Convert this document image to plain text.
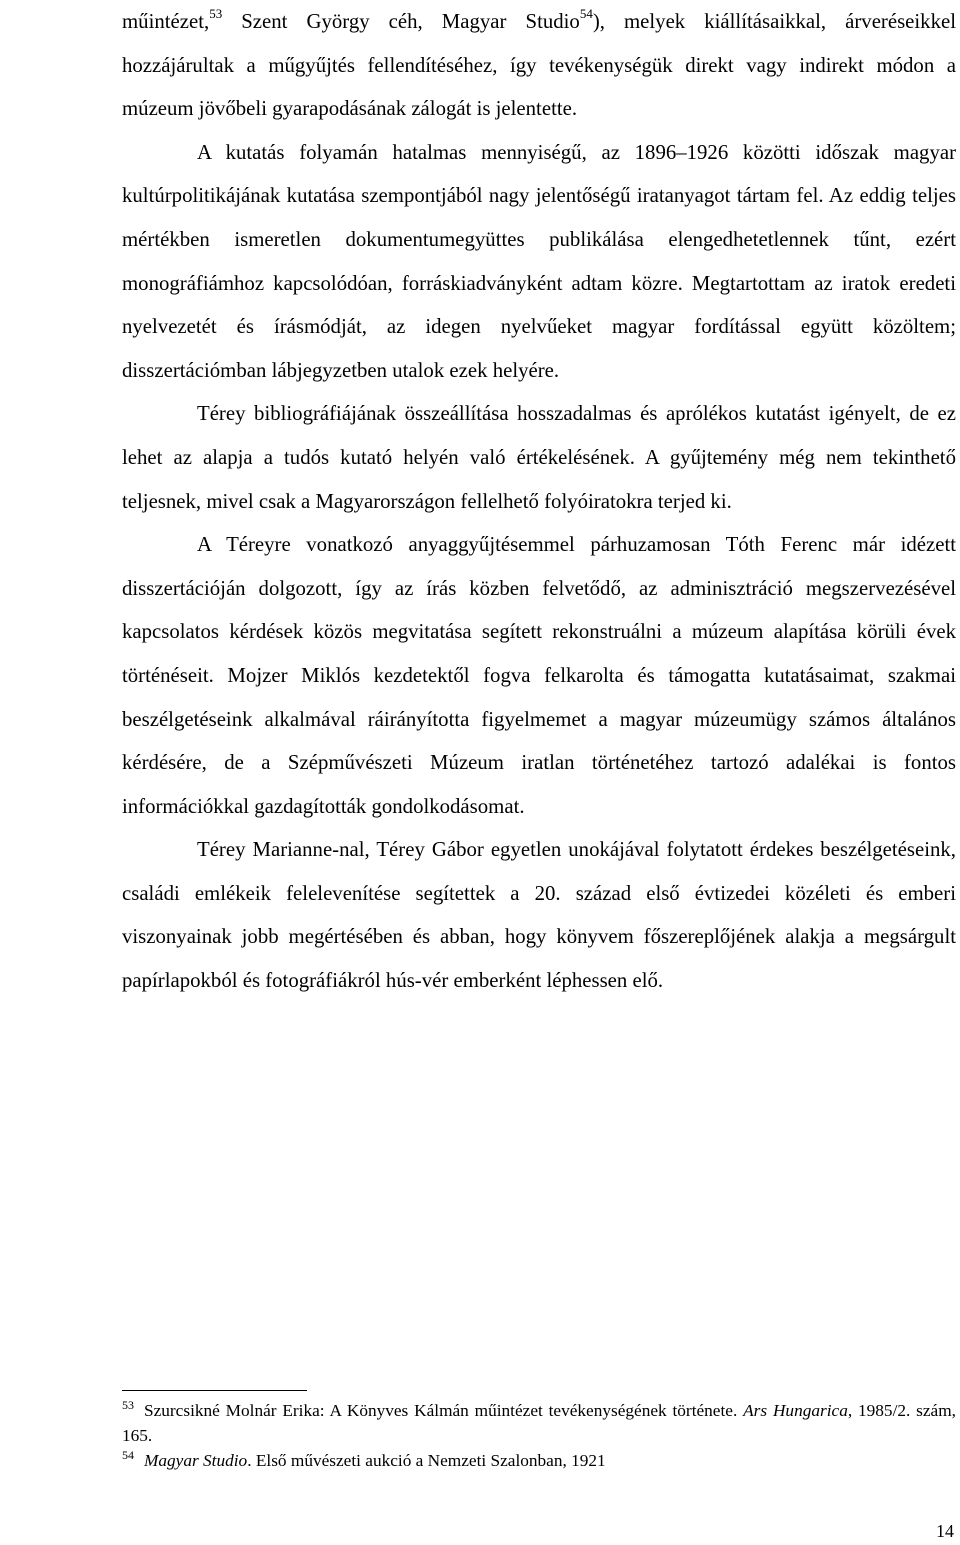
műintézet,$^{53}$ Szent György céh, Magyar Studio$^{54}$), melyek kiállításaikkal, árveréseikkel hozzájárultak a műgyűjtés fellendítéséhez, így tevékenységük direkt vagy indirekt módon a múzeum jövőbeli gyarapodásának zálogát is jelentette.

A kutatás folyamán hatalmas mennyiségű, az 1896–1926 közötti időszak magyar kultúrpolitikájának kutatása szempontjából nagy jelentőségű iratanyagot tártam fel. Az eddig teljes mértékben ismeretlen dokumentumegyüttes publikálása elengedhetetlennek tűnt, ezért monográfiámhoz kapcsolódóan, forráskiadványként adtam közre. Megtartottam az iratok eredeti nyelvezetét és írásmódját, az idegen nyelvűeket magyar fordítással együtt közöltem; disszertációmban lábjegyzetben utalok ezek helyére.

Térey bibliográfiájának összeállítása hosszadalmas és aprólékos kutatást igényelt, de ez lehet az alapja a tudós kutató helyén való értékelésének. A gyűjtemény még nem tekinthető teljesnek, mivel csak a Magyarországon fellelhető folyóiratokra terjed ki.

A Téreyre vonatkozó anyaggyűjtésemmel párhuzamosan Tóth Ferenc már idézett disszertációján dolgozott, így az írás közben felvetődő, az adminisztráció megszervezésével kapcsolatos kérdések közös megvitatása segített rekonstruálni a múzeum alapítása körüli évek történéseit. Mojzer Miklós kezdetektől fogva felkarolta és támogatta kutatásaimat, szakmai beszélgetéseink alkalmával ráirányította figyelmemet a magyar múzeumügy számos általános kérdésére, de a Szépművészeti Múzeum iratlan történetéhez tartozó adalékai is fontos információkkal gazdagították gondolkodásomat.

Térey Marianne-nal, Térey Gábor egyetlen unokájával folytatott érdekes beszélgetéseink, családi emlékeik felelevenítése segítettek a 20. század első évtizedei közéleti és emberi viszonyainak jobb megértésében és abban, hogy könyvem főszereplőjének alakja a megsárgult papírlapokból és fotográfiákról hús-vér emberként léphessen elő.

$^{53}$ Szurcsikné Molnár Erika: A Könyves Kálmán műintézet tevékenységének története. Ars Hungarica, 1985/2. szám, 165.

$^{54}$ Magyar Studio. Első művészeti aukció a Nemzeti Szalonban, 1921

14
